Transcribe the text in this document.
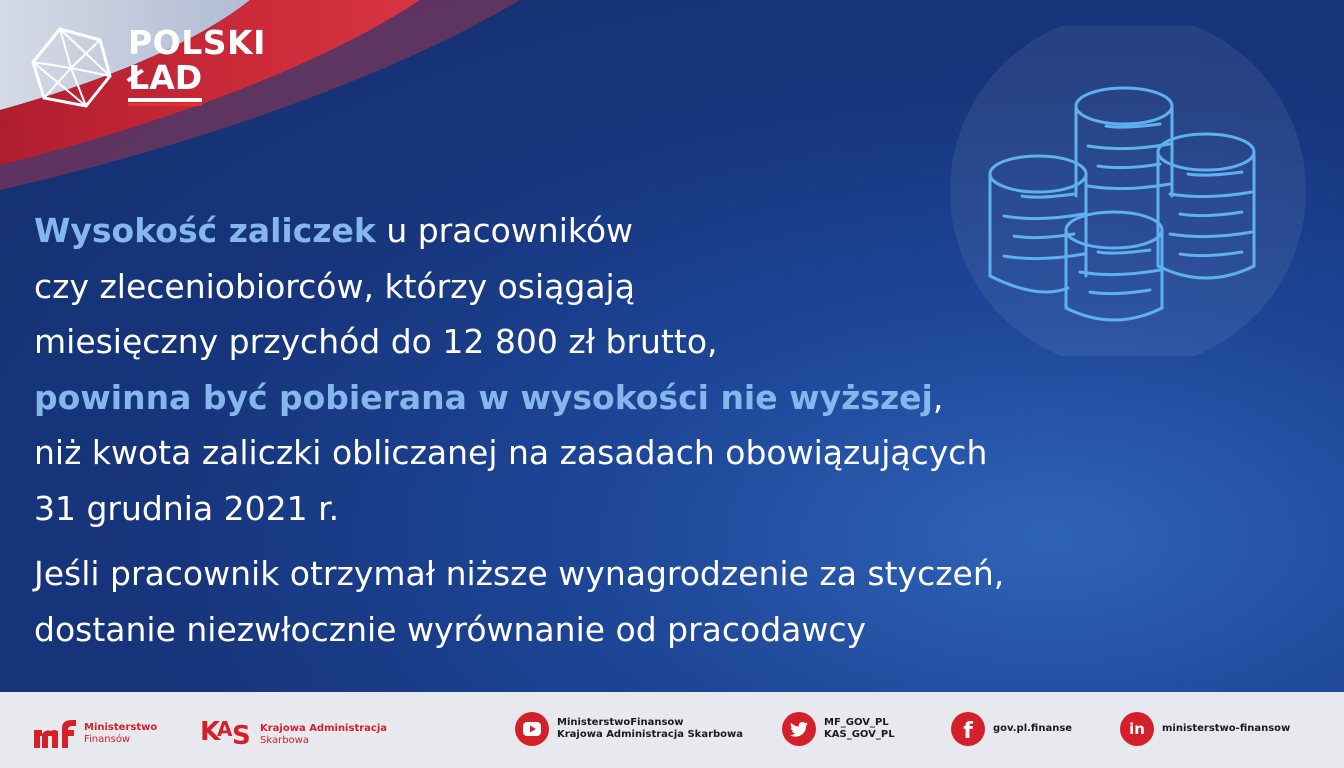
POLSKI
ŁAD
Wysokość zaliczek u pracowników
czy zleceniobiorców, którzy osiągają
miesięczny przychód do 12 800 zł brutto,
powinna być pobierana w wysokości nie wyższej,
niż kwota zaliczki obliczanej na zasadach obowiązujących
31 grudnia 2021 r.
Jeśli pracownik otrzymał niższe wynagrodzenie za styczeń,
dostanie niezwłocznie wyrównanie od pracodawcy
Ministerstwo
Finansów	K
A S Krajowa Administracja
Skarbowa
MinisterstwoFinansow
Krajowa Administracja Skarbowa
MF_GOV_PL
KAS_GOV_PL	f gov.pl.finanse	in ministerstwo-finansow
